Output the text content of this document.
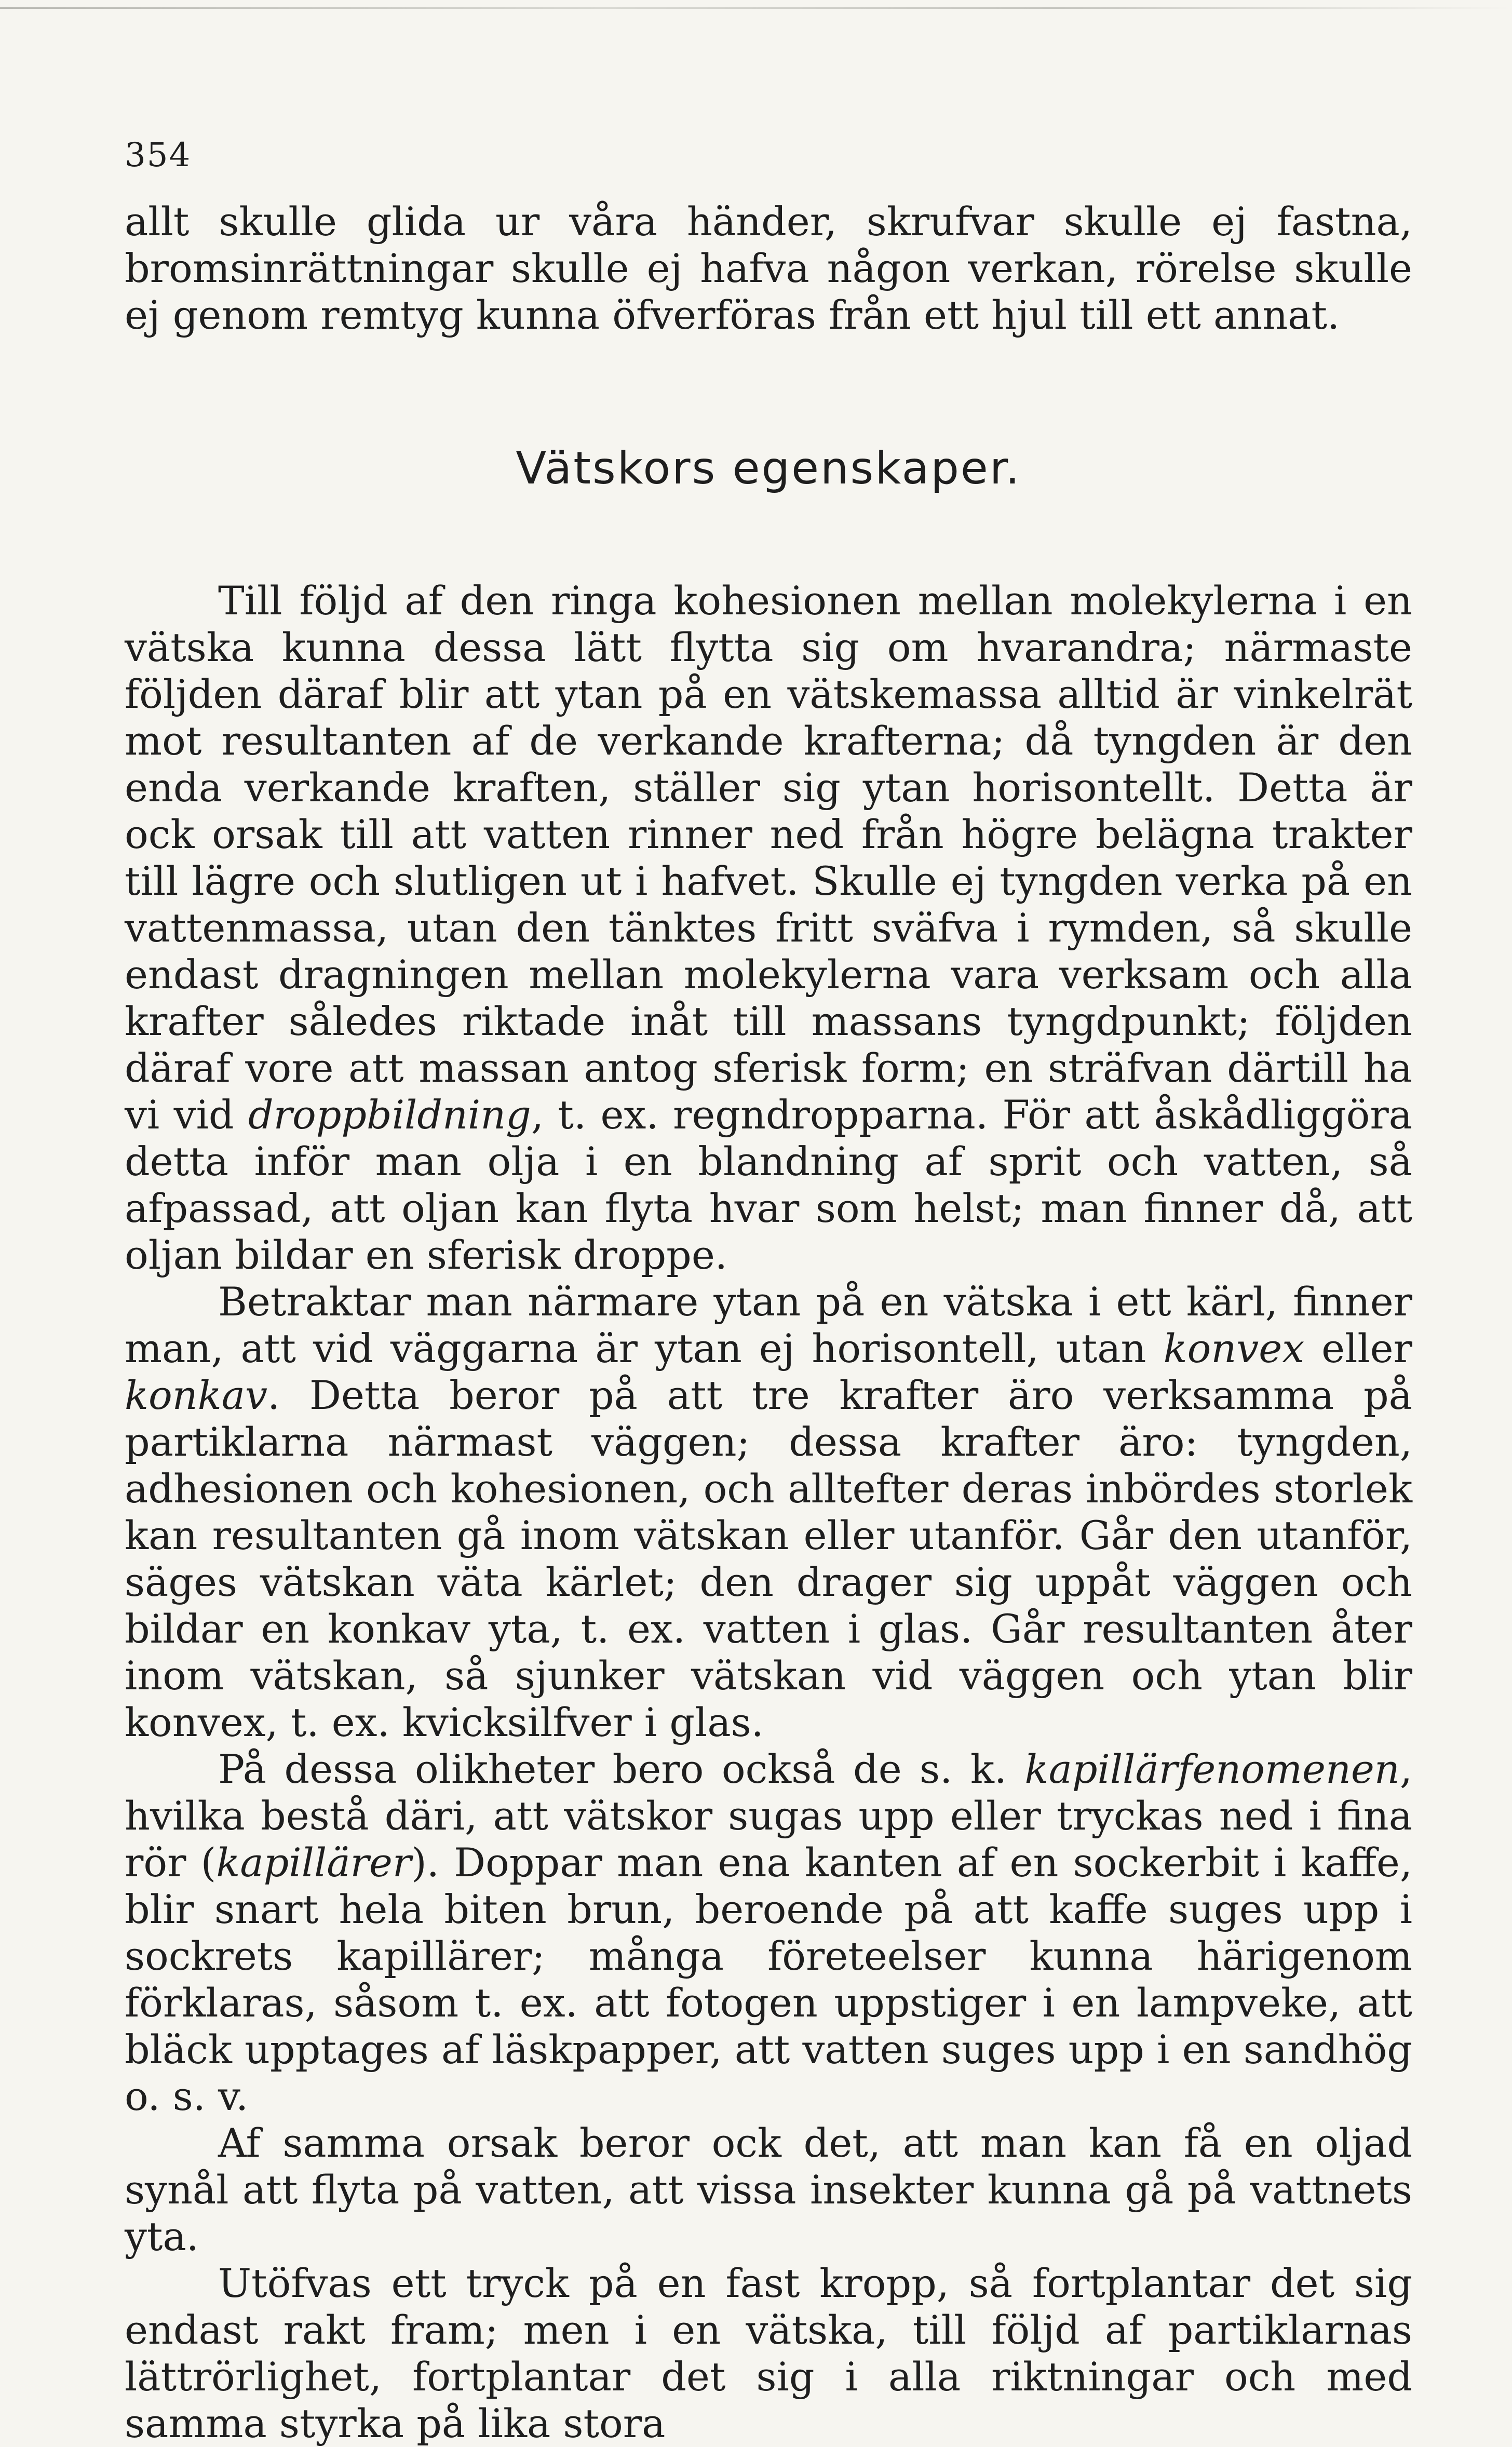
354

allt skulle glida ur våra händer, skrufvar skulle ej fastna, bromsinrättningar skulle ej hafva någon verkan, rörelse skulle ej genom remtyg kunna öfverföras från ett hjul till ett annat.

Vätskors egenskaper.

Till följd af den ringa kohesionen mellan molekylerna i en vätska kunna dessa lätt flytta sig om hvarandra; närmaste följden däraf blir att ytan på en vätskemassa alltid är vinkelrät mot resultanten af de verkande krafterna; då tyngden är den enda verkande kraften, ställer sig ytan horisontellt. Detta är ock orsak till att vatten rinner ned från högre belägna trakter till lägre och slutligen ut i hafvet. Skulle ej tyngden verka på en vattenmassa, utan den tänktes fritt sväfva i rymden, så skulle endast dragningen mellan molekylerna vara verksam och alla krafter således riktade inåt till massans tyngdpunkt; följden däraf vore att massan antog sferisk form; en sträfvan därtill ha vi vid droppbildning, t. ex. regndropparna. För att åskådliggöra detta inför man olja i en blandning af sprit och vatten, så afpassad, att oljan kan flyta hvar som helst; man finner då, att oljan bildar en sferisk droppe.

Betraktar man närmare ytan på en vätska i ett kärl, finner man, att vid väggarna är ytan ej horisontell, utan konvex eller konkav. Detta beror på att tre krafter äro verksamma på partiklarna närmast väggen; dessa krafter äro: tyngden, adhesionen och kohesionen, och alltefter deras inbördes storlek kan resultanten gå inom vätskan eller utanför. Går den utanför, säges vätskan väta kärlet; den drager sig uppåt väggen och bildar en konkav yta, t. ex. vatten i glas. Går resultanten åter inom vätskan, så sjunker vätskan vid väggen och ytan blir konvex, t. ex. kvicksilfver i glas.

På dessa olikheter bero också de s. k. kapillärfenomenen, hvilka bestå däri, att vätskor sugas upp eller tryckas ned i fina rör (kapillärer). Doppar man ena kanten af en sockerbit i kaffe, blir snart hela biten brun, beroende på att kaffe suges upp i sockrets kapillärer; många företeelser kunna härigenom förklaras, såsom t. ex. att fotogen uppstiger i en lampveke, att bläck upptages af läskpapper, att vatten suges upp i en sandhög o. s. v.

Af samma orsak beror ock det, att man kan få en oljad synål att flyta på vatten, att vissa insekter kunna gå på vattnets yta.

Utöfvas ett tryck på en fast kropp, så fortplantar det sig endast rakt fram; men i en vätska, till följd af partiklarnas lättrörlighet, fortplantar det sig i alla riktningar och med samma styrka på lika stora
